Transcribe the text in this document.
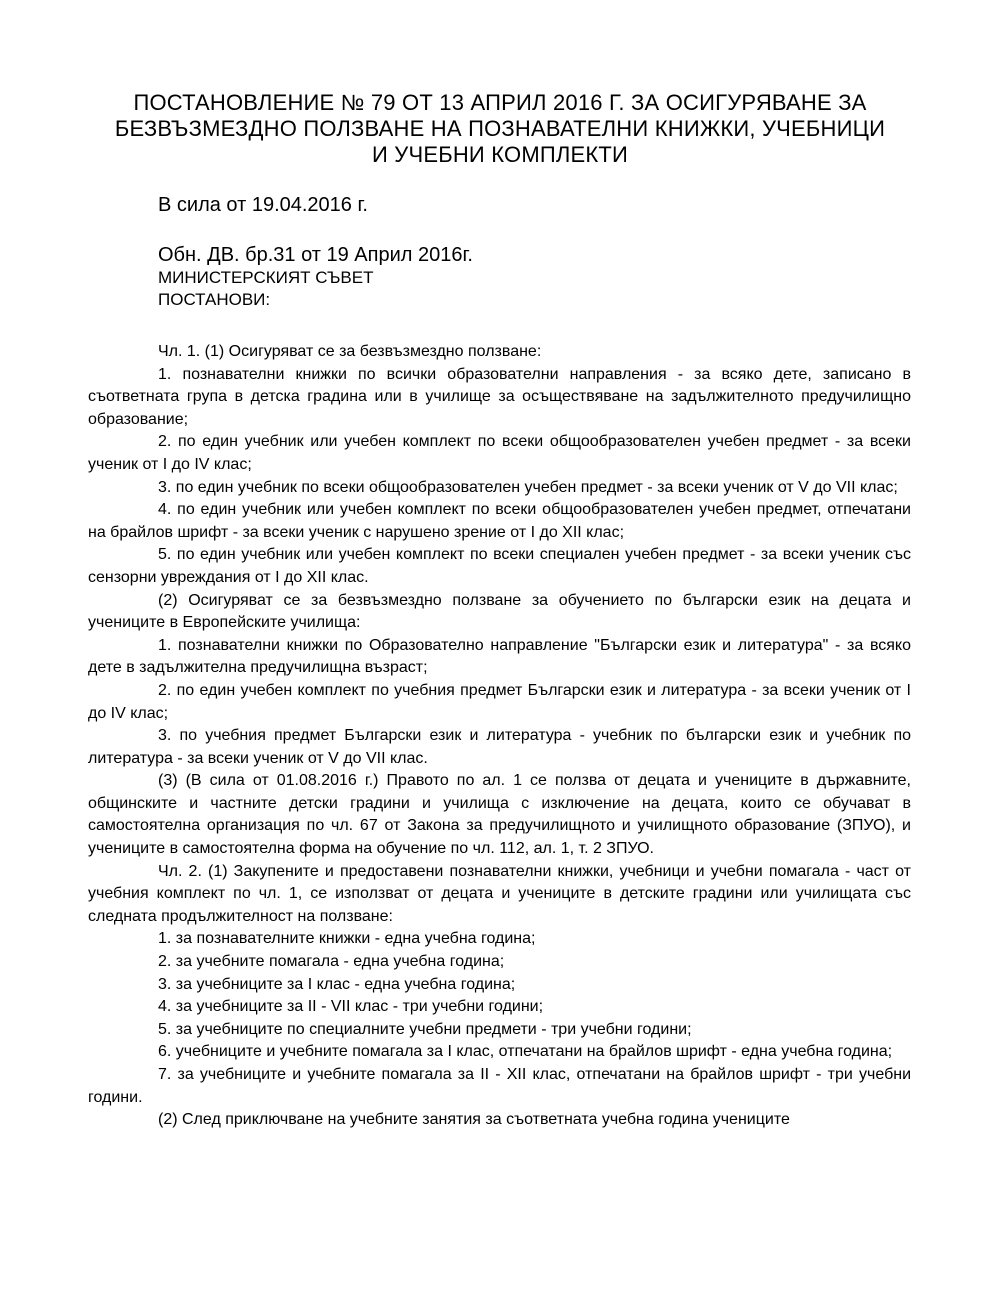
ПОСТАНОВЛЕНИЕ № 79 ОТ 13 АПРИЛ 2016 Г. ЗА ОСИГУРЯВАНЕ ЗА
БЕЗВЪЗМЕЗДНО ПОЛЗВАНЕ НА ПОЗНАВАТЕЛНИ КНИЖКИ, УЧЕБНИЦИ
И УЧЕБНИ КОМПЛЕКТИ
В сила от 19.04.2016 г.
Обн. ДВ. бр.31 от 19 Април 2016г.
МИНИСТЕРСКИЯТ СЪВЕТ
ПОСТАНОВИ:

Чл. 1. (1) Осигуряват се за безвъзмездно ползване:

1. познавателни книжки по всички образователни направления - за всяко дете, записано в съответната група в детска градина или в училище за осъществяване на задължителното предучилищно образование;

2. по един учебник или учебен комплект по всеки общообразователен учебен предмет - за всеки ученик от I до IV клас;

3. по един учебник по всеки общообразователен учебен предмет - за всеки ученик от V до VII клас;

4. по един учебник или учебен комплект по всеки общообразователен учебен предмет, отпечатани на брайлов шрифт - за всеки ученик с нарушено зрение от I до XII клас;

5. по един учебник или учебен комплект по всеки специален учебен предмет - за всеки ученик със сензорни увреждания от I до XII клас.

(2) Осигуряват се за безвъзмездно ползване за обучението по български език на децата и учениците в Европейските училища:

1. познавателни книжки по Образователно направление "Български език и литература" - за всяко дете в задължителна предучилищна възраст;

2. по един учебен комплект по учебния предмет Български език и литература - за всеки ученик от I до IV клас;

3. по учебния предмет Български език и литература - учебник по български език и учебник по литература - за всеки ученик от V до VII клас.

(3) (В сила от 01.08.2016 г.) Правото по ал. 1 се ползва от децата и учениците в държавните, общинските и частните детски градини и училища с изключение на децата, които се обучават в самостоятелна организация по чл. 67 от Закона за предучилищното и училищното образование (ЗПУО), и учениците в самостоятелна форма на обучение по чл. 112, ал. 1, т. 2 ЗПУО.

Чл. 2. (1) Закупените и предоставени познавателни книжки, учебници и учебни помагала - част от учебния комплект по чл. 1, се използват от децата и учениците в детските градини или училищата със следната продължителност на ползване:

1. за познавателните книжки - една учебна година;

2. за учебните помагала - една учебна година;

3. за учебниците за I клас - една учебна година;

4. за учебниците за II - VII клас - три учебни години;

5. за учебниците по специалните учебни предмети - три учебни години;

6. учебниците и учебните помагала за I клас, отпечатани на брайлов шрифт - една учебна година;

7. за учебниците и учебните помагала за II - XII клас, отпечатани на брайлов шрифт - три учебни години.

(2) След приключване на учебните занятия за съответната учебна година учениците
